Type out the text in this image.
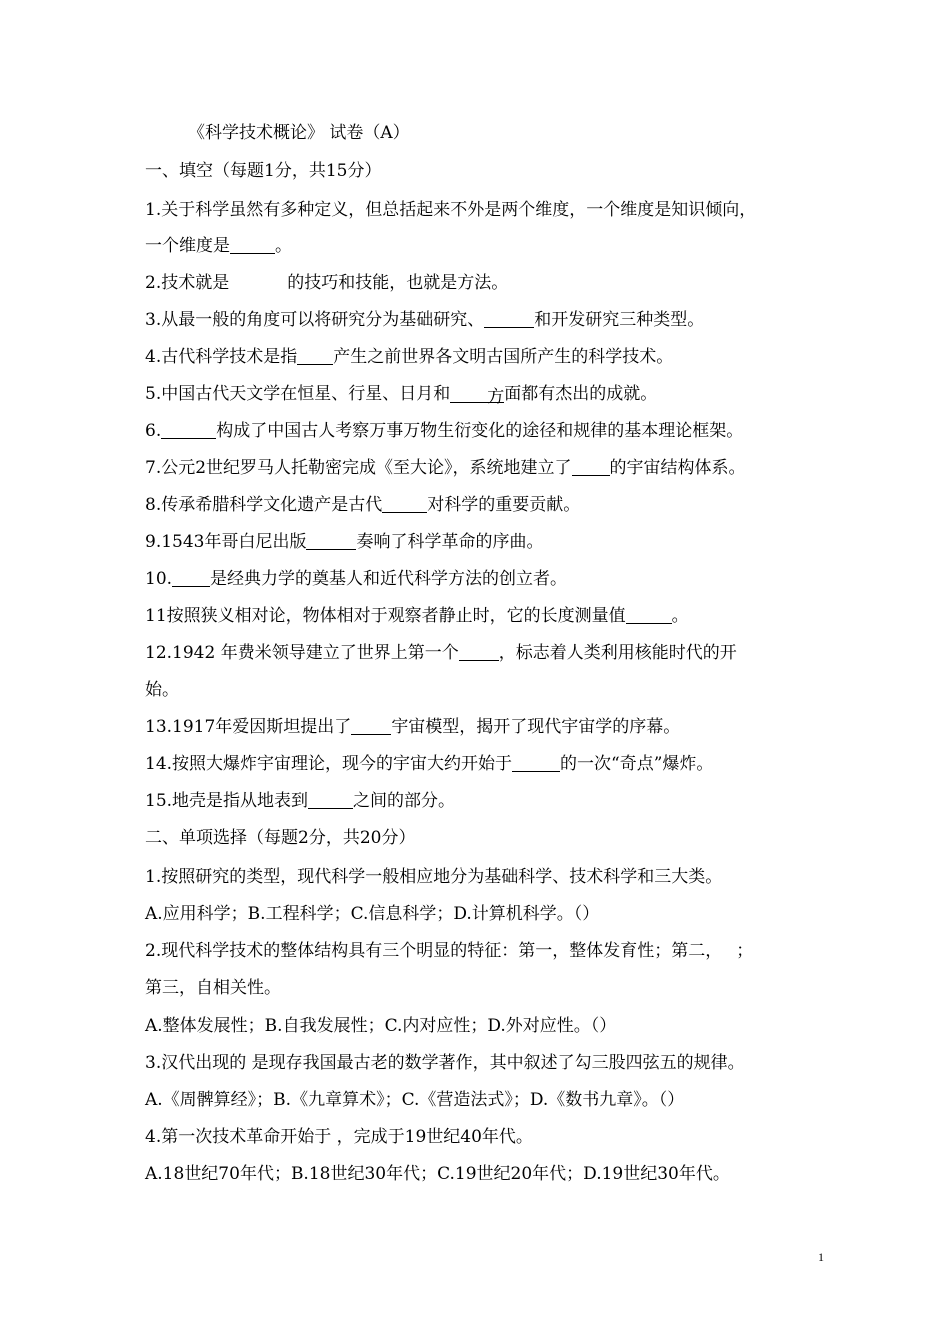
《科学技术概论》 试卷（A）
一、填空（每题1分，共15分）
1.关于科学虽然有多种定义，但总括起来不外是两个维度，一个维度是知识倾向，
一个维度是	。
2.技术就是	的技巧和技能，也就是方法。
3.从最一般的角度可以将研究分为基础研究、	和开发研究三种类型。
4.古代科学技术是指 产生之前世界各文明古国所产生的科学技术。
5.中国古代天文学在恒星、行星、日月和 方面都有杰出的成就。
6.	构成了中国古人考察万事万物生衍变化的途径和规律的基本理论框架。
7.公元2世纪罗马人托勒密完成《至大论》，系统地建立了 的宇宙结构体系。
8.传承希腊科学文化遗产是古代	对科学的重要贡献。
9.1543年哥白尼出版	奏响了科学革命的序曲。
10. 是经典力学的奠基人和近代科学方法的创立者。
11按照狭义相对论，物体相对于观察者静止时，它的长度测量值	。
12.1942 年费米领导建立了世界上第一个 ，标志着人类利用核能时代的开
始。
13.1917年爱因斯坦提出了 宇宙模型，揭开了现代宇宙学的序幕。
14.按照大爆炸宇宙理论，现今的宇宙大约开始于	的一次“奇点”爆炸。
15.地壳是指从地表到	之间的部分。
二、单项选择（每题2分，共20分）
1.按照研究的类型，现代科学一般相应地分为基础科学、技术科学和三大类。
A.应用科学；B.工程科学；C.信息科学；D.计算机科学。（）
2.现代科学技术的整体结构具有三个明显的特征：第一，整体发育性；第二， ；
第三，自相关性。
A.整体发展性；B.自我发展性；C.内对应性；D.外对应性。（）
3.汉代出现的 是现存我国最古老的数学著作，其中叙述了勾三股四弦五的规律。
A.《周髀算经》；B.《九章算术》；C.《营造法式》；D.《数书九章》。（）
4.第一次技术革命开始于 ，完成于19世纪40年代。
A.18世纪70年代；B.18世纪30年代；C.19世纪20年代；D.19世纪30年代。
1
